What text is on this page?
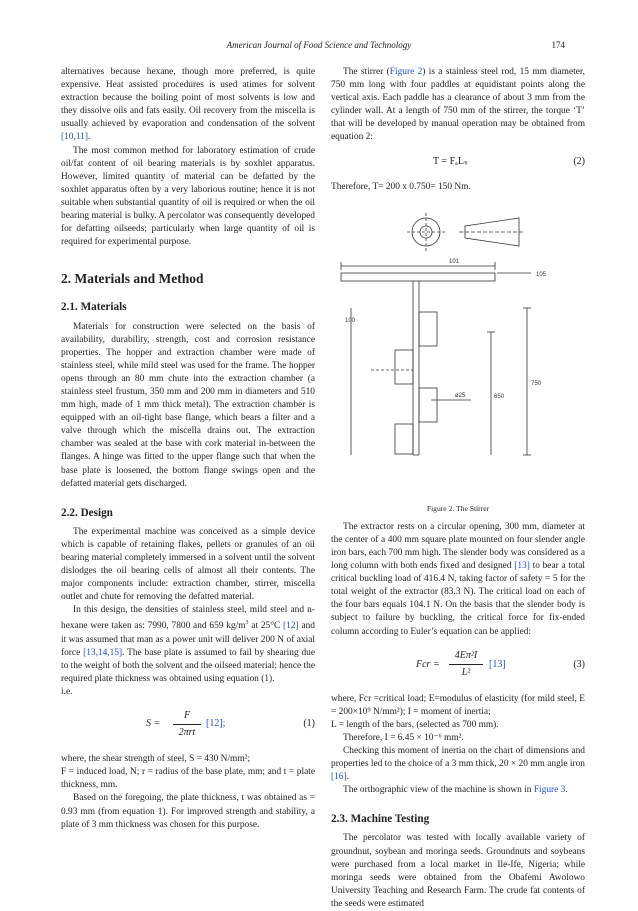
American Journal of Food Science and Technology	174

alternatives because hexane, though more preferred, is quite expensive. Heat assisted procedures is used atimes for solvent extraction because the boiling point of most solvents is low and they dissolve oils and fats easily. Oil recovery from the miscella is usually achieved by evaporation and condensation of the solvent [10,11].

The most common method for laboratory estimation of crude oil/fat content of oil bearing materials is by soxhlet apparatus. However, limited quantity of material can be defatted by the soxhlet apparatus often by a very laborious routine; hence it is not suitable when substantial quantity of oil is required or when the oil bearing material is bulky. A percolator was consequently developed for defatting oilseeds; particularly when large quantity of oil is required for experimental purpose.

2. Materials and Method
2.1. Materials

Materials for construction were selected on the basis of availability, durability, strength, cost and corrosion resistance properties. The hopper and extraction chamber were made of stainless steel, while mild steel was used for the frame. The hopper opens through an 80 mm chute into the extraction chamber (a stainless steel frustum, 350 mm and 200 mm in diameters and 510 mm high, made of 1 mm thick metal). The extraction chamber is equipped with an oil-tight base flange, which bears a filter and a valve through which the miscella drains out. The extraction chamber was sealed at the base with cork material in-between the flanges. A hinge was fitted to the upper flange such that when the base plate is loosened, the bottom flange swings open and the defatted material gets discharged.

2.2. Design

The experimental machine was conceived as a simple device which is capable of retaining flakes, pellets or granules of an oil bearing material completely immersed in a solvent until the solvent dislodges the oil bearing cells of almost all their contents. The major components include: extraction chamber, stirrer, miscella outlet and chute for removing the defatted material.

In this design, the densities of stainless steel, mild steel and n-hexane were taken as: 7990, 7800 and 659 $kg/m^3$ at 25°C [12] and it was assumed that man as a power unit will deliver 200 N of axial force [13,14,15]. The base plate is assumed to fail by shearing due to the weight of both the solvent and the oilseed material; hence the required plate thickness was obtained using equation (1).

i.e.

S =
F
2πrt
[12];	(1)

where, the shear strength of steel, S = 430 N/mm²;

F = induced load, N; r = radius of the base plate, mm; and t = plate thickness, mm.

Based on the foregoing, the plate thickness, t was obtained as = 0.93 mm (from equation 1). For improved strength and stability, a plate of 3 mm thickness was chosen for this purpose.

The stirrer (Figure 2) is a stainless steel rod, 15 mm diameter, 750 mm long with four paddles at equidistant points along the vertical axis. Each paddle has a clearance of about 3 mm from the cylinder wall. At a length of 750 mm of the stirrer, the torque ‘T’ that will be developed by manual operation may be obtained from equation 2:

T = FₐLₛ	(2)

Therefore, T= 200 x 0.750= 150 Nm.

105
101
100
ø25
750
650
Figure 2. The Stirrer

The extractor rests on a circular opening, 300 mm, diameter at the center of a 400 mm square plate mounted on four slender angle iron bars, each 700 mm high. The slender body was considered as a long column with both ends fixed and designed [13] to bear a total critical buckling load of 416.4 N, taking factor of safety = 5 for the total weight of the extractor (83.3 N). The critical load on each of the four bars equals 104.1 N. On the basis that the slender body is subject to failure by buckling, the critical force for fix-ended column according to Euler’s equation can be applied:

Fcr =
4Eπ²I
L²
[13]	(3)

where, Fcr =critical load; E=modulus of elasticity (for mild steel, E = 200×10⁹ N/mm²); I = moment of inertia;

L = length of the bars, (selected as 700 mm).

Therefore, I = 6.45 × 10⁻⁶ mm².

Checking this moment of inertia on the chart of dimensions and properties led to the choice of a 3 mm thick, 20 × 20 mm angle iron [16].

The orthographic view of the machine is shown in Figure 3.

2.3. Machine Testing

The percolator was tested with locally available variety of groundnut, soybean and moringa seeds. Groundnuts and soybeans were purchased from a local market in Ile-Ife, Nigeria; while moringa seeds were obtained from the Obafemi Awolowo University Teaching and Research Farm. The crude fat contents of the seeds were estimated
